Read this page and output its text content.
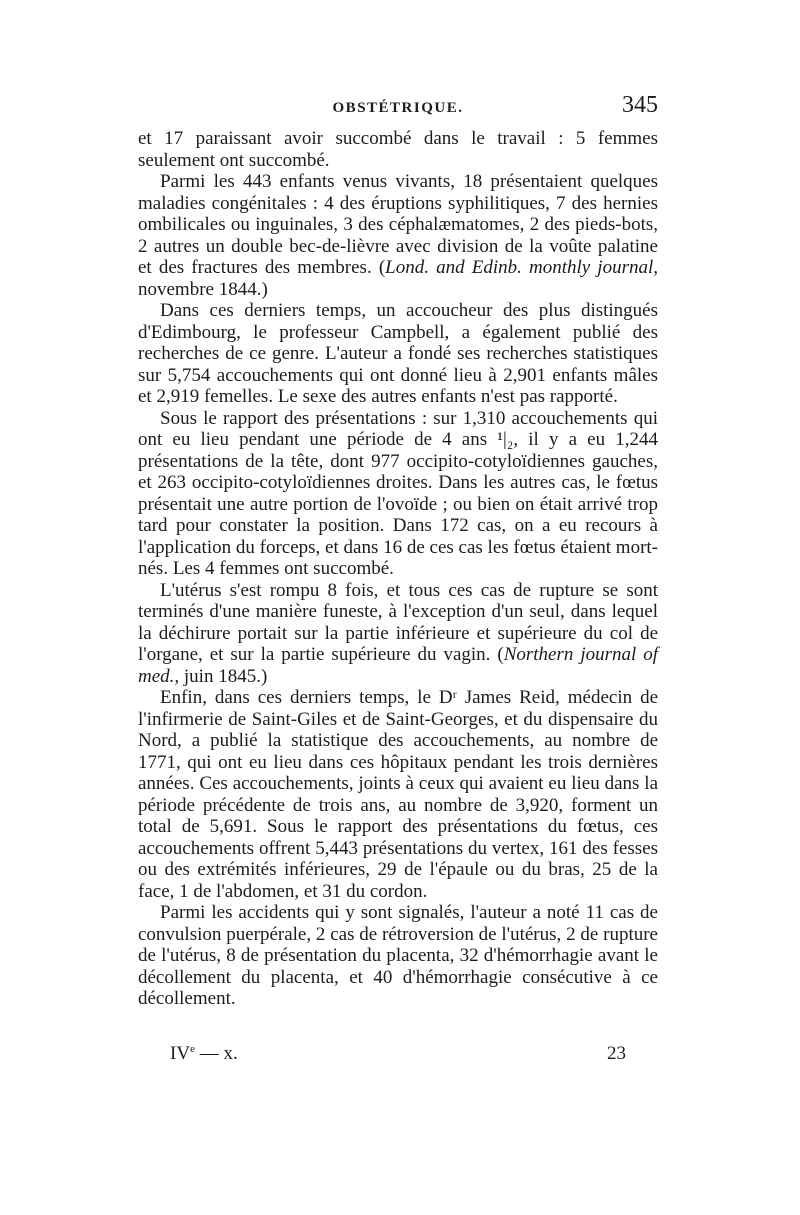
OBSTÉTRIQUE.	345

et 17 paraissant avoir succombé dans le travail : 5 femmes seulement ont succombé.

Parmi les 443 enfants venus vivants, 18 présentaient quelques maladies congénitales : 4 des éruptions syphilitiques, 7 des hernies ombilicales ou inguinales, 3 des céphalæmatomes, 2 des pieds-bots, 2 autres un double bec-de-lièvre avec division de la voûte palatine et des fractures des membres. (Lond. and Edinb. monthly journal, novembre 1844.)

Dans ces derniers temps, un accoucheur des plus distingués d'Edimbourg, le professeur Campbell, a également publié des recherches de ce genre. L'auteur a fondé ses recherches statistiques sur 5,754 accouchements qui ont donné lieu à 2,901 enfants mâles et 2,919 femelles. Le sexe des autres enfants n'est pas rapporté.

Sous le rapport des présentations : sur 1,310 accouchements qui ont eu lieu pendant une période de 4 ans ¹|₂, il y a eu 1,244 présentations de la tête, dont 977 occipito-cotyloïdiennes gauches, et 263 occipito-cotyloïdiennes droites. Dans les autres cas, le fœtus présentait une autre portion de l'ovoïde ; ou bien on était arrivé trop tard pour constater la position. Dans 172 cas, on a eu recours à l'application du forceps, et dans 16 de ces cas les fœtus étaient mort-nés. Les 4 femmes ont succombé.

L'utérus s'est rompu 8 fois, et tous ces cas de rupture se sont terminés d'une manière funeste, à l'exception d'un seul, dans lequel la déchirure portait sur la partie inférieure et supérieure du col de l'organe, et sur la partie supérieure du vagin. (Northern journal of med., juin 1845.)

Enfin, dans ces derniers temps, le Dʳ James Reid, médecin de l'infirmerie de Saint-Giles et de Saint-Georges, et du dispensaire du Nord, a publié la statistique des accouchements, au nombre de 1771, qui ont eu lieu dans ces hôpitaux pendant les trois dernières années. Ces accouchements, joints à ceux qui avaient eu lieu dans la période précédente de trois ans, au nombre de 3,920, forment un total de 5,691. Sous le rapport des présentations du fœtus, ces accouchements offrent 5,443 présentations du vertex, 161 des fesses ou des extrémités inférieures, 29 de l'épaule ou du bras, 25 de la face, 1 de l'abdomen, et 31 du cordon.

Parmi les accidents qui y sont signalés, l'auteur a noté 11 cas de convulsion puerpérale, 2 cas de rétroversion de l'utérus, 2 de rupture de l'utérus, 8 de présentation du placenta, 32 d'hémorrhagie avant le décollement du placenta, et 40 d'hémorrhagie consécutive à ce décollement.

IVe — x.	23
